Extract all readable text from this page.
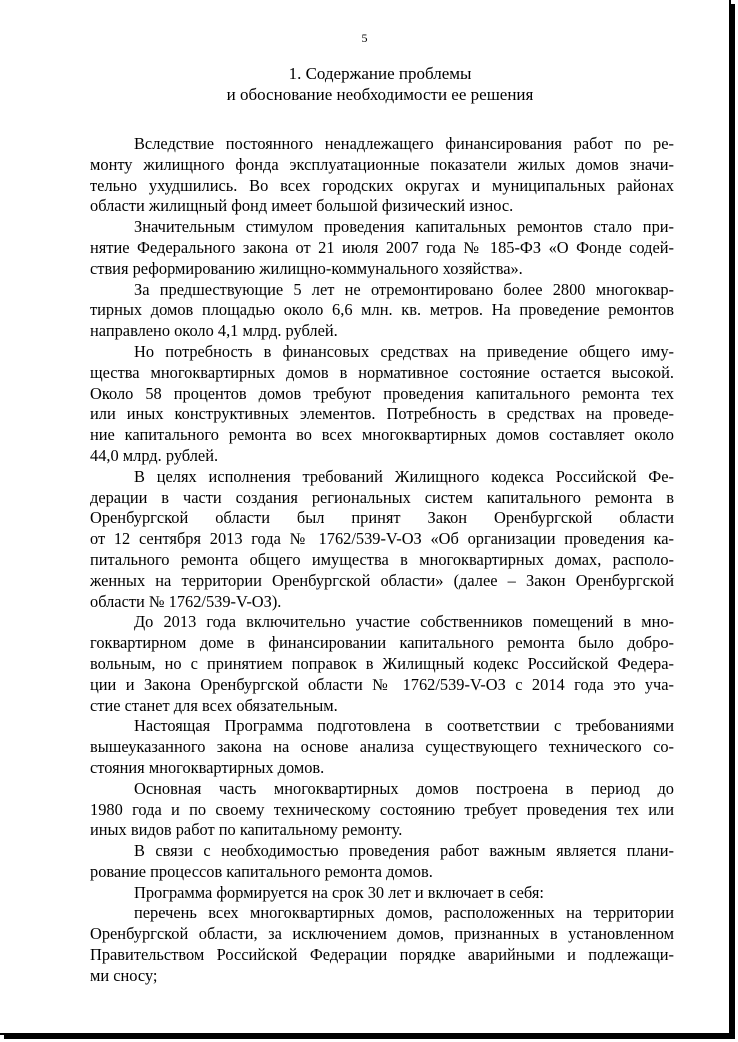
5
1. Содержание проблемы
и обоснование необходимости ее решения
Вследствие постоянного ненадлежащего финансирования работ по ре-
монту жилищного фонда эксплуатационные показатели жилых домов значи-
тельно ухудшились. Во всех городских округах и муниципальных районах
области жилищный фонд имеет большой физический износ.
Значительным стимулом проведения капитальных ремонтов стало при-
нятие Федерального закона от 21 июля 2007 года № 185-ФЗ «О Фонде содей-
ствия реформированию жилищно-коммунального хозяйства».
За предшествующие 5 лет не отремонтировано более 2800 многоквар-
тирных домов площадью около 6,6 млн. кв. метров. На проведение ремонтов
направлено около 4,1 млрд. рублей.
Но потребность в финансовых средствах на приведение общего иму-
щества многоквартирных домов в нормативное состояние остается высокой.
Около 58 процентов домов требуют проведения капитального ремонта тех
или иных конструктивных элементов. Потребность в средствах на проведе-
ние капитального ремонта во всех многоквартирных домов составляет около
44,0 млрд. рублей.
В целях исполнения требований Жилищного кодекса Российской Фе-
дерации в части создания региональных систем капитального ремонта в
Оренбургской области был принят Закон Оренбургской области
от 12 сентября 2013 года № 1762/539-V-ОЗ «Об организации проведения ка-
питального ремонта общего имущества в многоквартирных домах, располо-
женных на территории Оренбургской области» (далее – Закон Оренбургской
области № 1762/539-V-ОЗ).
До 2013 года включительно участие собственников помещений в мно-
гоквартирном доме в финансировании капитального ремонта было добро-
вольным, но с принятием поправок в Жилищный кодекс Российской Федера-
ции и Закона Оренбургской области № 1762/539-V-ОЗ с 2014 года это уча-
стие станет для всех обязательным.
Настоящая Программа подготовлена в соответствии с требованиями
вышеуказанного закона на основе анализа существующего технического со-
стояния многоквартирных домов.
Основная часть многоквартирных домов построена в период до
1980 года и по своему техническому состоянию требует проведения тех или
иных видов работ по капитальному ремонту.
В связи с необходимостью проведения работ важным является плани-
рование процессов капитального ремонта домов.
Программа формируется на срок 30 лет и включает в себя:
перечень всех многоквартирных домов, расположенных на территории
Оренбургской области, за исключением домов, признанных в установленном
Правительством Российской Федерации порядке аварийными и подлежащи-
ми сносу;
